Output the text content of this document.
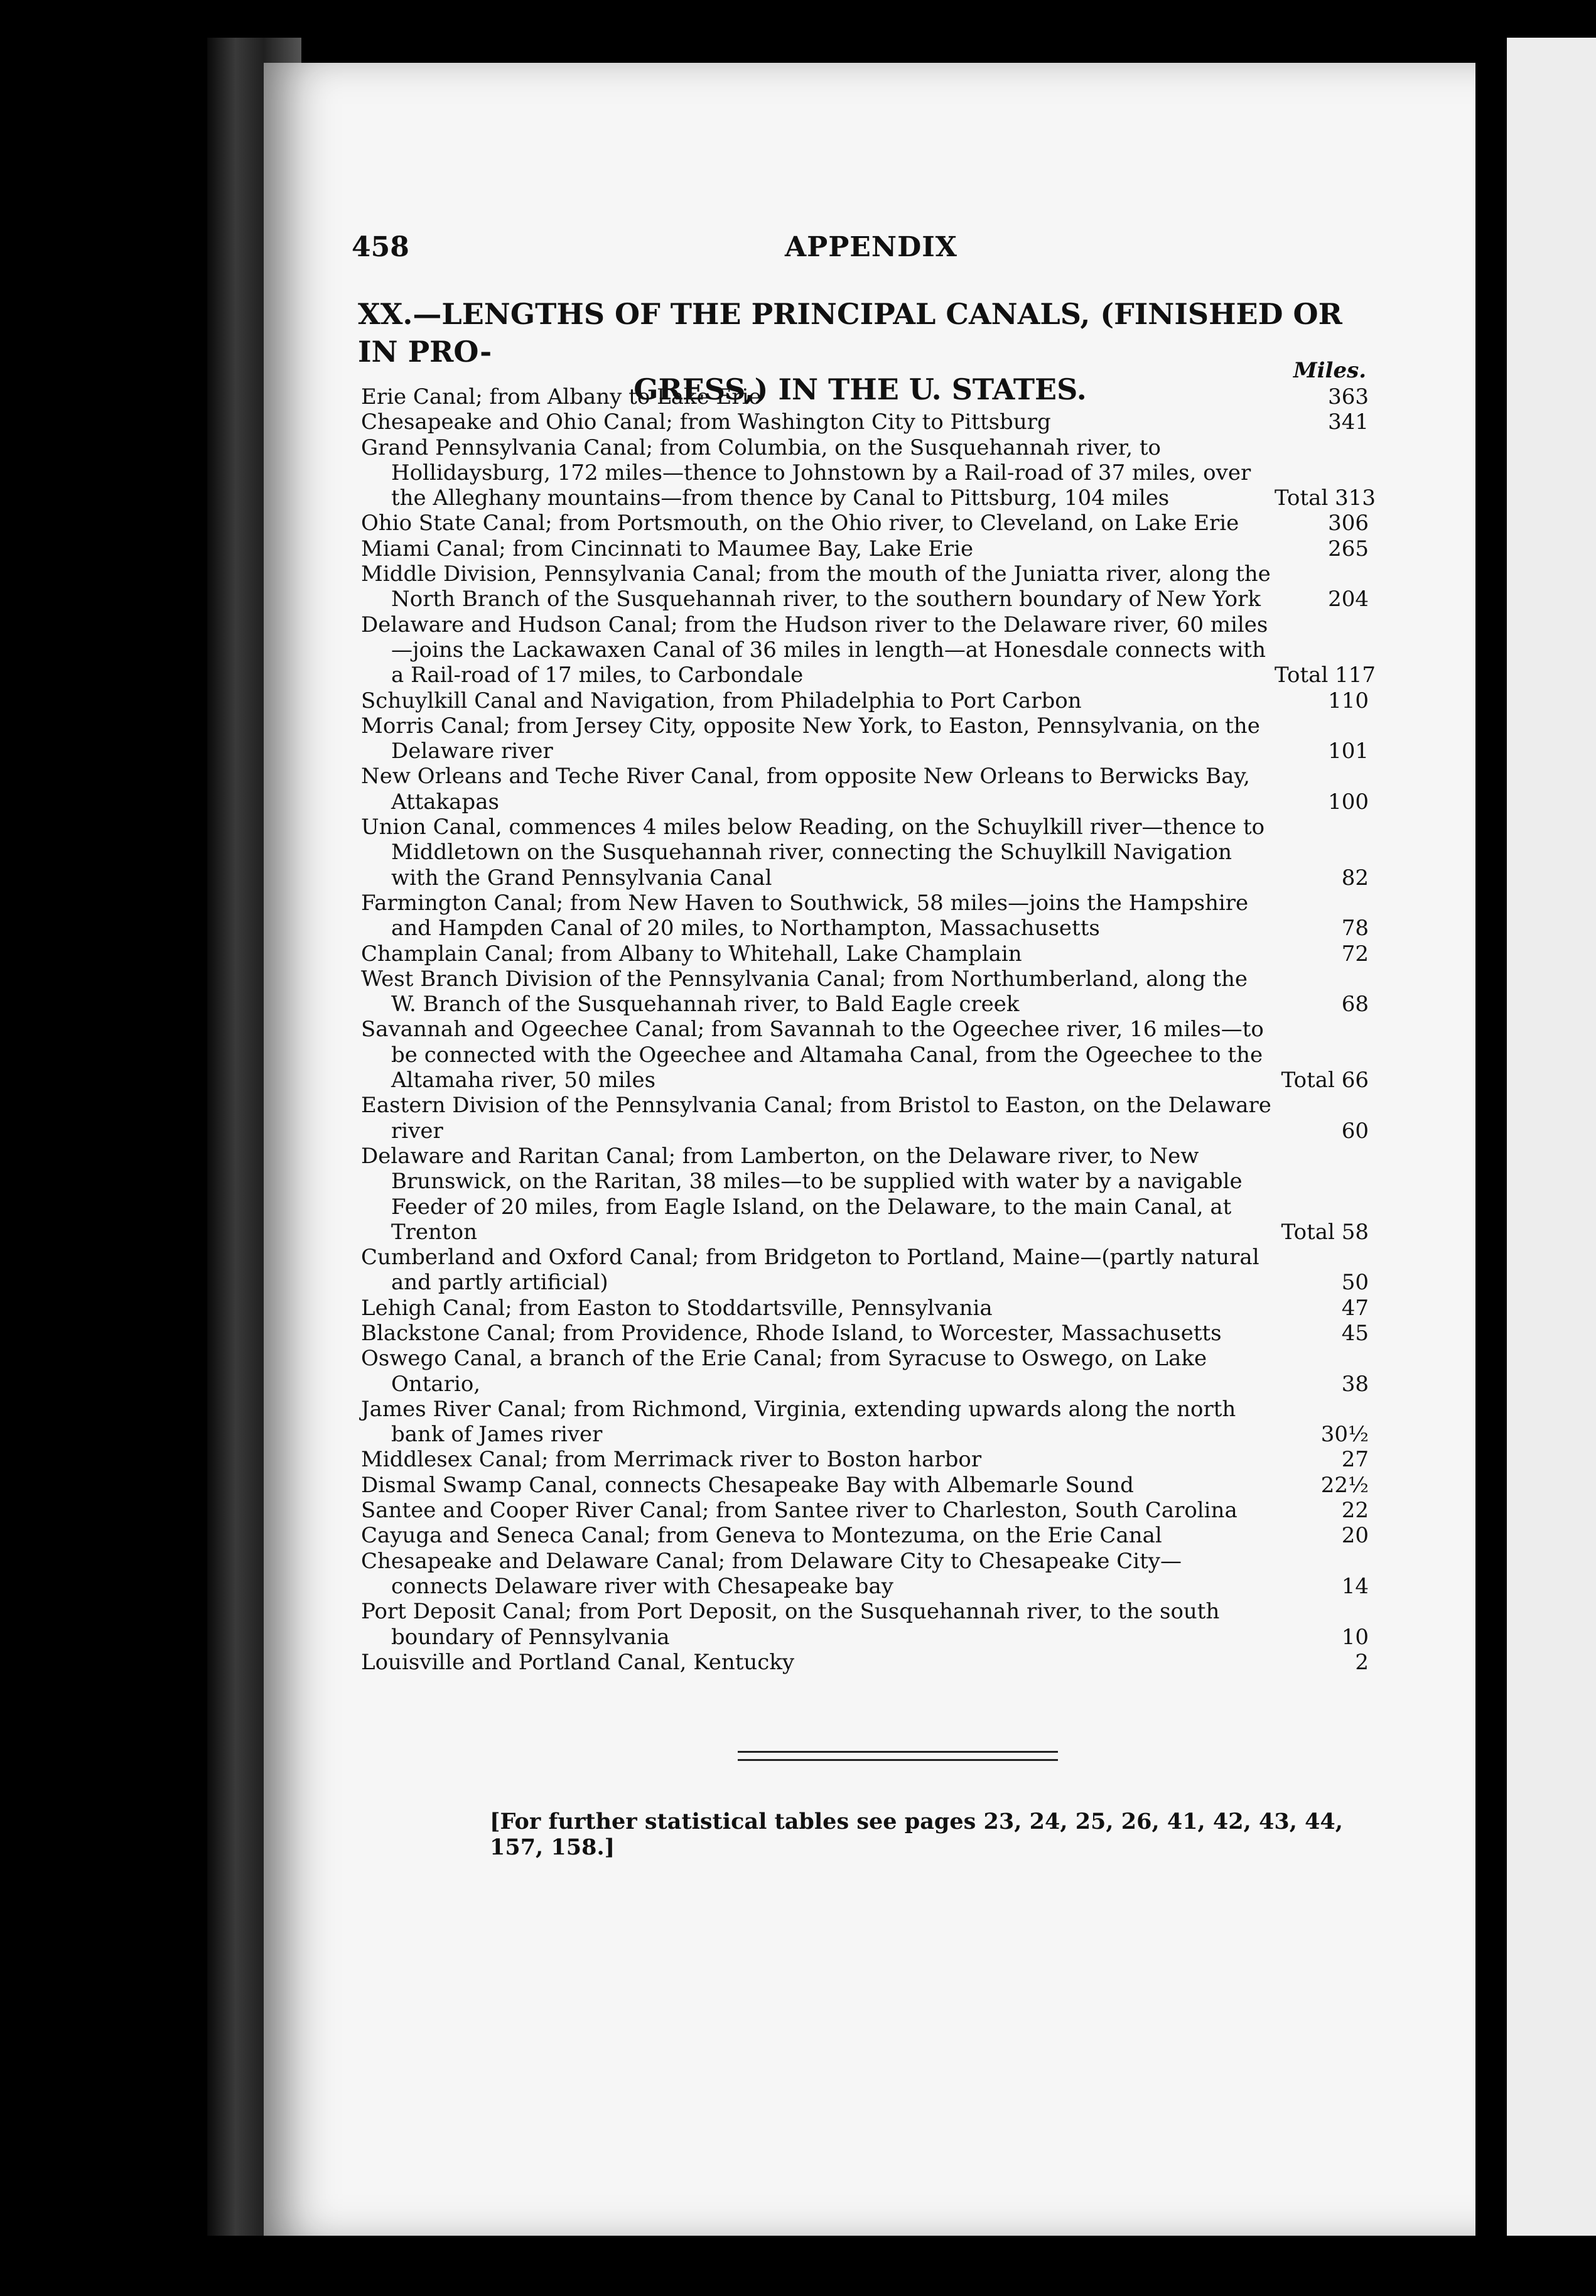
458	APPENDIX
XX.—LENGTHS OF THE PRINCIPAL CANALS, (FINISHED OR IN PRO-
GRESS,) IN THE U. STATES.
Miles.
Erie Canal; from Albany to Lake Erie	363
Chesapeake and Ohio Canal; from Washington City to Pittsburg	341
Grand Pennsylvania Canal; from Columbia, on the Susquehannah river, to Hollidaysburg, 172 miles—thence to Johnstown by a Rail-road of 37 miles, over the Alleghany mountains—from thence by Canal to Pittsburg, 104 miles	Total 313
Ohio State Canal; from Portsmouth, on the Ohio river, to Cleveland, on Lake Erie	306
Miami Canal; from Cincinnati to Maumee Bay, Lake Erie	265
Middle Division, Pennsylvania Canal; from the mouth of the Juniatta river, along the North Branch of the Susquehannah river, to the southern boundary of New York	204
Delaware and Hudson Canal; from the Hudson river to the Delaware river, 60 miles—joins the Lackawaxen Canal of 36 miles in length—at Honesdale connects with a Rail-road of 17 miles, to Carbondale	Total 117
Schuylkill Canal and Navigation, from Philadelphia to Port Carbon	110
Morris Canal; from Jersey City, opposite New York, to Easton, Pennsylvania, on the Delaware river	101
New Orleans and Teche River Canal, from opposite New Orleans to Berwicks Bay, Attakapas	100
Union Canal, commences 4 miles below Reading, on the Schuylkill river—thence to Middletown on the Susquehannah river, connecting the Schuylkill Navigation with the Grand Pennsylvania Canal	82
Farmington Canal; from New Haven to Southwick, 58 miles—joins the Hampshire and Hampden Canal of 20 miles, to Northampton, Massachusetts	78
Champlain Canal; from Albany to Whitehall, Lake Champlain	72
West Branch Division of the Pennsylvania Canal; from Northumberland, along the W. Branch of the Susquehannah river, to Bald Eagle creek	68
Savannah and Ogeechee Canal; from Savannah to the Ogeechee river, 16 miles—to be connected with the Ogeechee and Altamaha Canal, from the Ogeechee to the Altamaha river, 50 miles	Total 66
Eastern Division of the Pennsylvania Canal; from Bristol to Easton, on the Delaware river	60
Delaware and Raritan Canal; from Lamberton, on the Delaware river, to New Brunswick, on the Raritan, 38 miles—to be supplied with water by a navigable Feeder of 20 miles, from Eagle Island, on the Delaware, to the main Canal, at Trenton	Total 58
Cumberland and Oxford Canal; from Bridgeton to Portland, Maine—(partly natural and partly artificial)	50
Lehigh Canal; from Easton to Stoddartsville, Pennsylvania	47
Blackstone Canal; from Providence, Rhode Island, to Worcester, Massachusetts	45
Oswego Canal, a branch of the Erie Canal; from Syracuse to Oswego, on Lake Ontario,	38
James River Canal; from Richmond, Virginia, extending upwards along the north bank of James river	30½
Middlesex Canal; from Merrimack river to Boston harbor	27
Dismal Swamp Canal, connects Chesapeake Bay with Albemarle Sound	22½
Santee and Cooper River Canal; from Santee river to Charleston, South Carolina	22
Cayuga and Seneca Canal; from Geneva to Montezuma, on the Erie Canal	20
Chesapeake and Delaware Canal; from Delaware City to Chesapeake City—connects Delaware river with Chesapeake bay	14
Port Deposit Canal; from Port Deposit, on the Susquehannah river, to the south boundary of Pennsylvania	10
Louisville and Portland Canal, Kentucky	2
[For further statistical tables see pages 23, 24, 25, 26, 41, 42, 43, 44, 157, 158.]
